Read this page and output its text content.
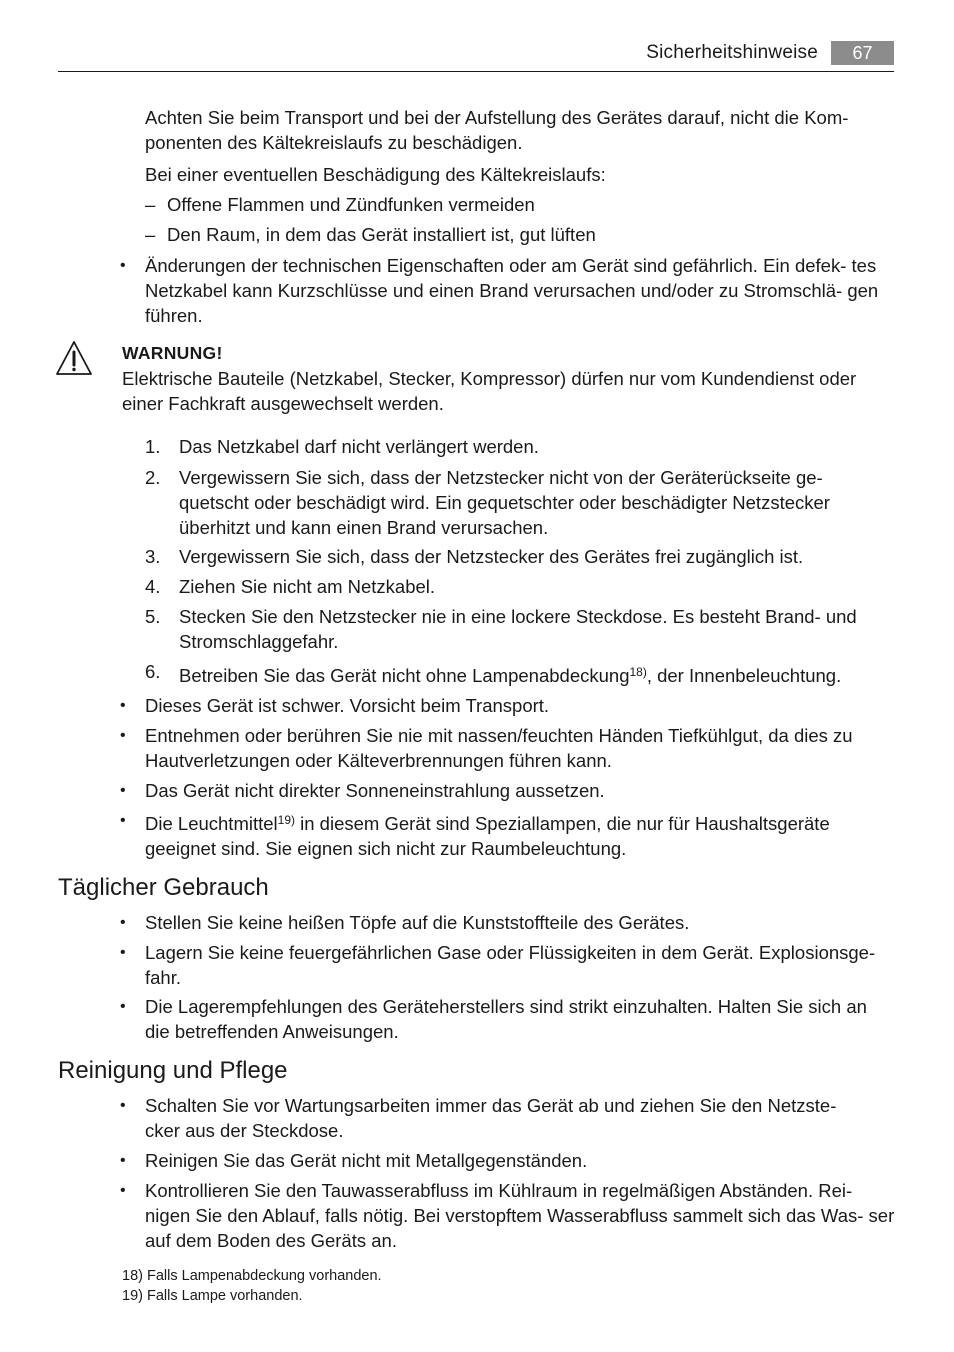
Sicherheitshinweise	67

Achten Sie beim Transport und bei der Aufstellung des Gerätes darauf, nicht die Kom- ponenten des Kältekreislaufs zu beschädigen.

Bei einer eventuellen Beschädigung des Kältekreislaufs:

– Offene Flammen und Zündfunken vermeiden
– Den Raum, in dem das Gerät installiert ist, gut lüften
• Änderungen der technischen Eigenschaften oder am Gerät sind gefährlich. Ein defek- tes Netzkabel kann Kurzschlüsse und einen Brand verursachen und/oder zu Stromschlä- gen führen.
WARNUNG!
Elektrische Bauteile (Netzkabel, Stecker, Kompressor) dürfen nur vom Kundendienst oder einer Fachkraft ausgewechselt werden.
1. Das Netzkabel darf nicht verlängert werden.
2. Vergewissern Sie sich, dass der Netzstecker nicht von der Geräterückseite ge- quetscht oder beschädigt wird. Ein gequetschter oder beschädigter Netzstecker überhitzt und kann einen Brand verursachen.
3. Vergewissern Sie sich, dass der Netzstecker des Gerätes frei zugänglich ist.
4. Ziehen Sie nicht am Netzkabel.
5. Stecken Sie den Netzstecker nie in eine lockere Steckdose. Es besteht Brand- und Stromschlaggefahr.
6. Betreiben Sie das Gerät nicht ohne Lampenabdeckung$^{18)}$, der Innenbeleuchtung.
• Dieses Gerät ist schwer. Vorsicht beim Transport.
• Entnehmen oder berühren Sie nie mit nassen/feuchten Händen Tiefkühlgut, da dies zu Hautverletzungen oder Kälteverbrennungen führen kann.
• Das Gerät nicht direkter Sonneneinstrahlung aussetzen.
• Die Leuchtmittel$^{19)}$ in diesem Gerät sind Speziallampen, die nur für Haushaltsgeräte geeignet sind. Sie eignen sich nicht zur Raumbeleuchtung.
Täglicher Gebrauch
• Stellen Sie keine heißen Töpfe auf die Kunststoffteile des Gerätes.
• Lagern Sie keine feuergefährlichen Gase oder Flüssigkeiten in dem Gerät. Explosionsge- fahr.
• Die Lagerempfehlungen des Geräteherstellers sind strikt einzuhalten. Halten Sie sich an die betreffenden Anweisungen.
Reinigung und Pflege
• Schalten Sie vor Wartungsarbeiten immer das Gerät ab und ziehen Sie den Netzste- cker aus der Steckdose.
• Reinigen Sie das Gerät nicht mit Metallgegenständen.
• Kontrollieren Sie den Tauwasserabfluss im Kühlraum in regelmäßigen Abständen. Rei- nigen Sie den Ablauf, falls nötig. Bei verstopftem Wasserabfluss sammelt sich das Was- ser auf dem Boden des Geräts an.
18) Falls Lampenabdeckung vorhanden.
19) Falls Lampe vorhanden.
